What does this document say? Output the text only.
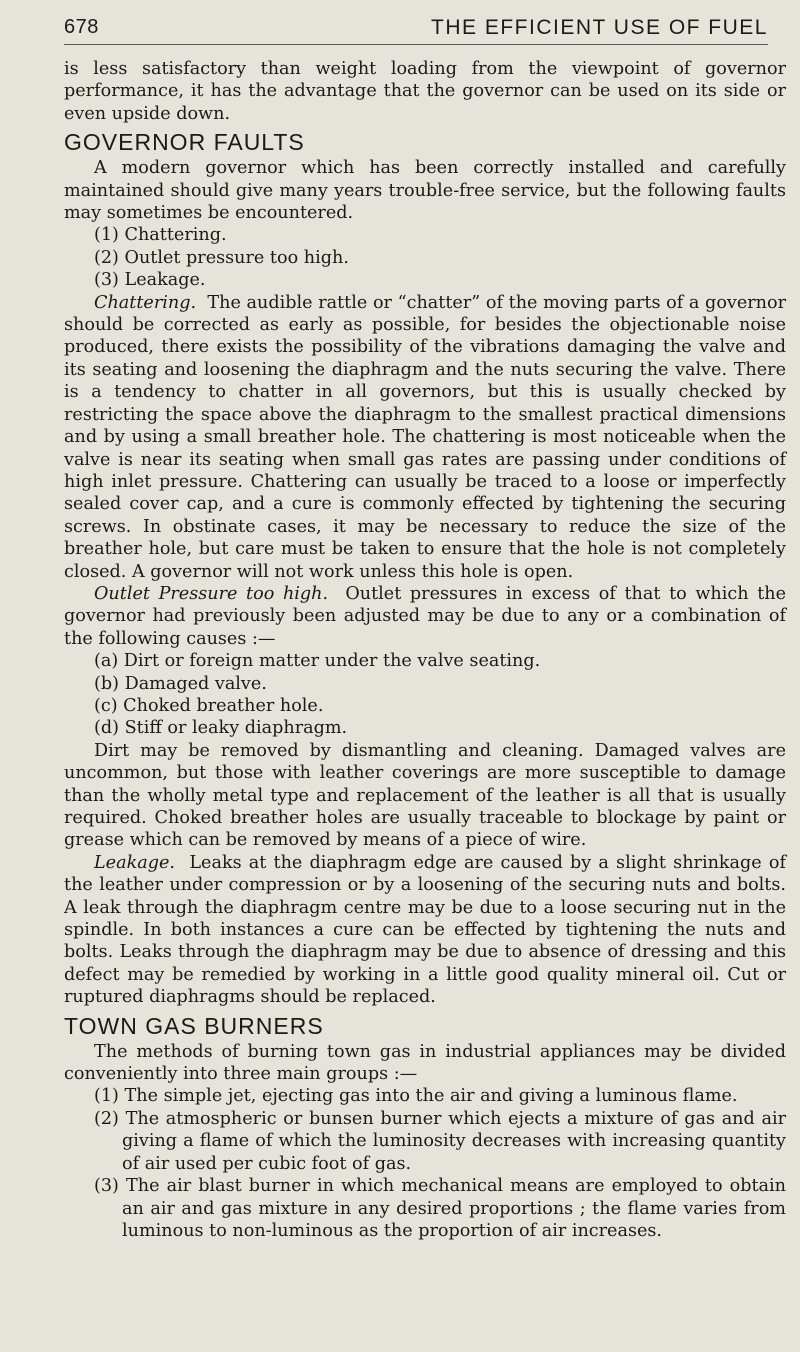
678	THE EFFICIENT USE OF FUEL

is less satisfactory than weight loading from the viewpoint of governor performance, it has the advantage that the governor can be used on its side or even upside down.

GOVERNOR FAULTS

A modern governor which has been correctly installed and carefully maintained should give many years trouble-free service, but the following faults may sometimes be encountered.

(1) Chattering.

(2) Outlet pressure too high.

(3) Leakage.

Chattering. The audible rattle or “chatter” of the moving parts of a governor should be corrected as early as possible, for besides the objectionable noise produced, there exists the possibility of the vibrations damaging the valve and its seating and loosening the diaphragm and the nuts securing the valve. There is a tendency to chatter in all governors, but this is usually checked by restricting the space above the diaphragm to the smallest practical dimensions and by using a small breather hole. The chattering is most noticeable when the valve is near its seating when small gas rates are passing under conditions of high inlet pressure. Chattering can usually be traced to a loose or imperfectly sealed cover cap, and a cure is commonly effected by tightening the securing screws. In obstinate cases, it may be necessary to reduce the size of the breather hole, but care must be taken to ensure that the hole is not completely closed. A governor will not work unless this hole is open.

Outlet Pressure too high. Outlet pressures in excess of that to which the governor had previously been adjusted may be due to any or a combination of the following causes :—

(a) Dirt or foreign matter under the valve seating.

(b) Damaged valve.

(c) Choked breather hole.

(d) Stiff or leaky diaphragm.

Dirt may be removed by dismantling and cleaning. Damaged valves are uncommon, but those with leather coverings are more susceptible to damage than the wholly metal type and replacement of the leather is all that is usually required. Choked breather holes are usually traceable to blockage by paint or grease which can be removed by means of a piece of wire.

Leakage. Leaks at the diaphragm edge are caused by a slight shrinkage of the leather under compression or by a loosening of the securing nuts and bolts. A leak through the diaphragm centre may be due to a loose securing nut in the spindle. In both instances a cure can be effected by tightening the nuts and bolts. Leaks through the diaphragm may be due to absence of dressing and this defect may be remedied by working in a little good quality mineral oil. Cut or ruptured diaphragms should be replaced.

TOWN GAS BURNERS

The methods of burning town gas in industrial appliances may be divided conveniently into three main groups :—

(1) The simple jet, ejecting gas into the air and giving a luminous flame.

(2) The atmospheric or bunsen burner which ejects a mixture of gas and air giving a flame of which the luminosity decreases with increasing quantity of air used per cubic foot of gas.

(3) The air blast burner in which mechanical means are employed to obtain an air and gas mixture in any desired proportions ; the flame varies from luminous to non-luminous as the proportion of air increases.
